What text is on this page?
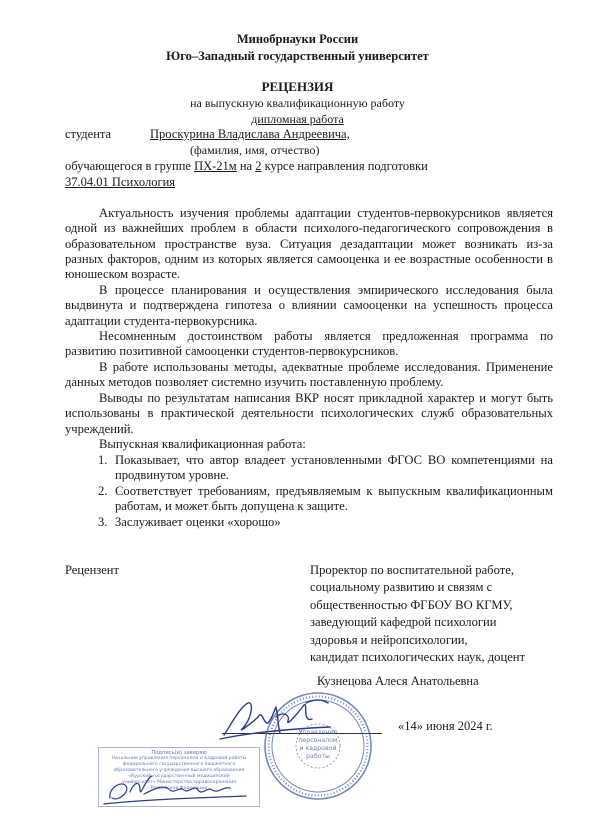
Минобрнауки России
Юго–Западный государственный университет
РЕЦЕНЗИЯ
на выпускную квалификационную работу
дипломная работа
студента	Проскурина Владислава Андреевича,
(фамилия, имя, отчество)
обучающегося в группе ПХ-21м на 2 курсе направления подготовки
37.04.01 Психология
Актуальность изучения проблемы адаптации студентов-первокурсников является одной из важнейших проблем в области психолого-педагогического сопровождения в образовательном пространстве вуза. Ситуация дезадаптации может возникать из-за разных факторов, одним из которых является самооценка и ее возрастные особенности в юношеском возрасте.
В процессе планирования и осуществления эмпирического исследования была выдвинута и подтверждена гипотеза о влиянии самооценки на успешность процесса адаптации студента-первокурсника.
Несомненным достоинством работы является предложенная программа по развитию позитивной самооценки студентов-первокурсников.
В работе использованы методы, адекватные проблеме исследования. Применение данных методов позволяет системно изучить поставленную проблему.
Выводы по результатам написания ВКР носят прикладной характер и могут быть использованы в практической деятельности психологических служб образовательных учреждений.
Выпускная квалификационная работа:
1. Показывает, что автор владеет установленными ФГОС ВО компетенциями на продвинутом уровне.
2. Соответствует требованиям, предъявляемым к выпускным квалификационным работам, и может быть допущена к защите.
3. Заслуживает оценки «хорошо»
Рецензент	Проректор по воспитательной работе,
социальному развитию и связям с
общественностью ФГБОУ ВО КГМУ,
заведующий кафедрой психологии
здоровья и нейропсихологии,
кандидат психологических наук, доцент
Кузнецова Алеся Анатольевна
«14» июня 2024 г.
Управление
персоналом
и кадровой
работы
Подпись(и) заверяю
Начальник управления персоналом и кадровой работы
федерального государственного бюджетного
образовательного учреждения высшего образования
«Курский государственный медицинский
университет» Министерства здравоохранения
Российской Федерации
